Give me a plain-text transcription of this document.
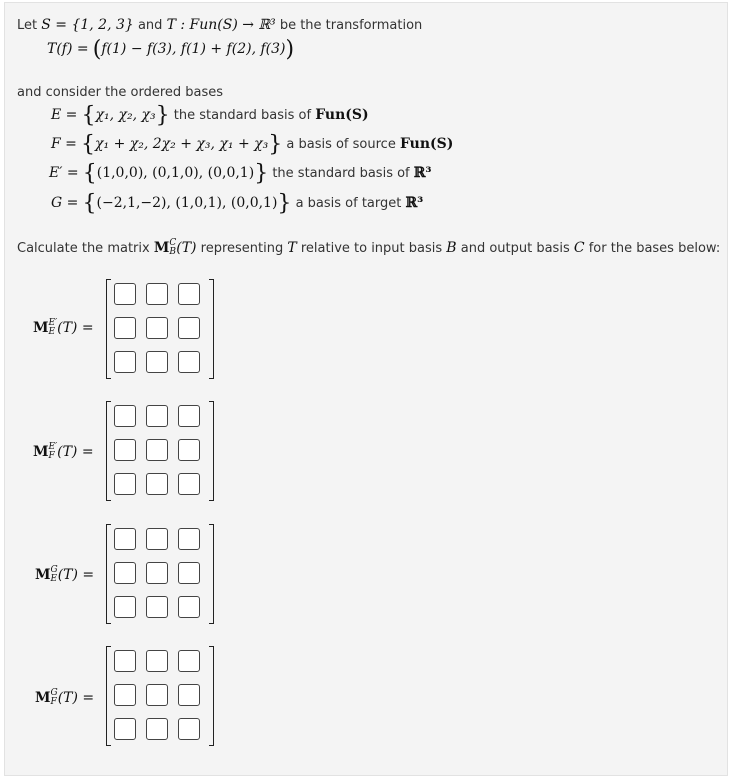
Let S = {1, 2, 3} and T : Fun(S) → ℝ³ be the transformation
T(f) = (f(1) − f(3), f(1) + f(2), f(3))
and consider the ordered bases
E = {χ₁, χ₂, χ₃} the standard basis of Fun(S)
F = {χ₁ + χ₂, 2χ₂ + χ₃, χ₁ + χ₃} a basis of source Fun(S)
E′ = {(1,0,0), (0,1,0), (0,0,1)} the standard basis of ℝ³
G = {(−2,1,−2), (1,0,1), (0,0,1)} a basis of target ℝ³
Calculate the matrix M C
B (T) representing T relative to input basis B and output basis C for the bases below:
M E′
E (T) =
M E′
F (T) =
M G
E (T) =
M G
F (T) =
